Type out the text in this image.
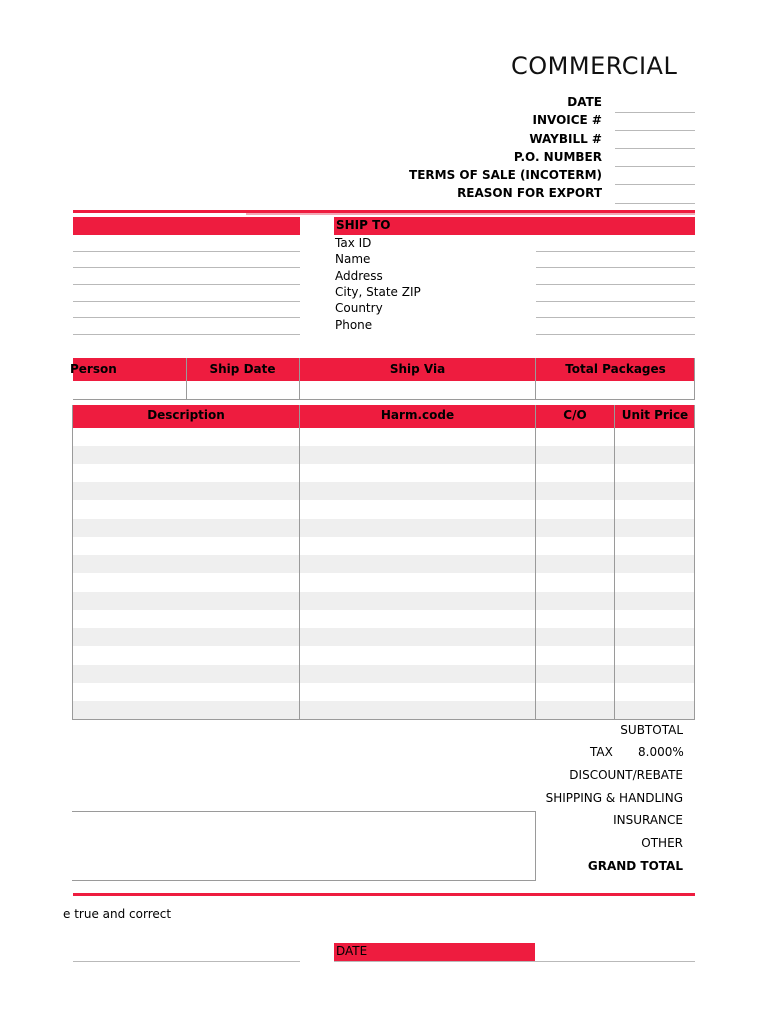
COMMERCIAL
DATE
INVOICE #
WAYBILL #
P.O. NUMBER
TERMS OF SALE (INCOTERM)
REASON FOR EXPORT
SHIP TO
Tax ID
Name
Address
City, State ZIP
Country
Phone
Person	Ship Date	Ship Via	Total Packages
Description	Harm.code	C/O	Unit Price
SUBTOTAL
TAX 8.000%
DISCOUNT/REBATE
SHIPPING & HANDLING
INSURANCE
OTHER
GRAND TOTAL
e true and correct
DATE
